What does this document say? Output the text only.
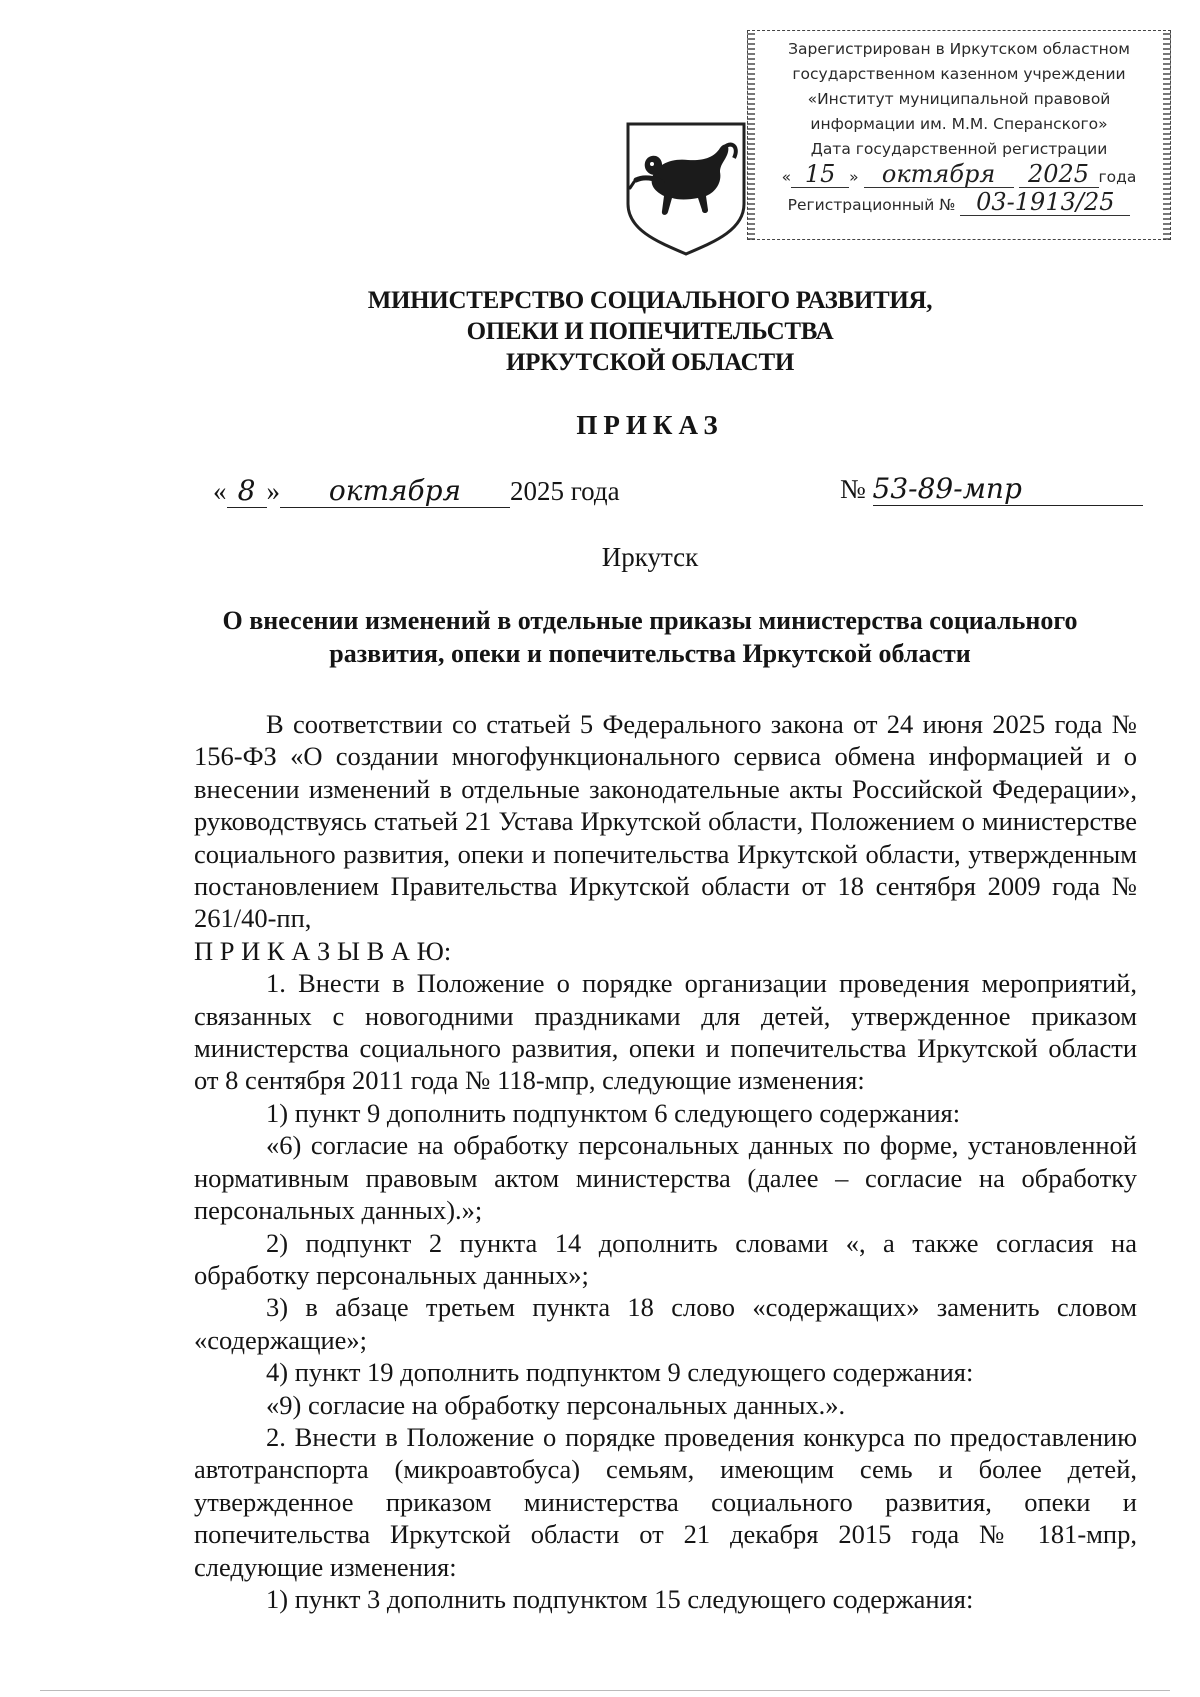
Зарегистрирован в Иркутском областном
государственном казенном учреждении
«Институт муниципальной правовой
информации им. М.М. Сперанского»
Дата государственной регистрации
« 15 » октября 2025 года
Регистрационный № 03-1913/25
МИНИСТЕРСТВО СОЦИАЛЬНОГО РАЗВИТИЯ,
ОПЕКИ И ПОПЕЧИТЕЛЬСТВА
ИРКУТСКОЙ ОБЛАСТИ
ПРИКАЗ
« 8 » октября 2025 года	№ 53-89-мпр
Иркутск
О внесении изменений в отдельные приказы министерства социального
развития, опеки и попечительства Иркутской области

В соответствии со статьей 5 Федерального закона от 24 июня 2025 года № 156-ФЗ «О создании многофункционального сервиса обмена информацией и о внесении изменений в отдельные законодательные акты Российской Федерации», руководствуясь статьей 21 Устава Иркутской области, Положением о министерстве социального развития, опеки и попечительства Иркутской области, утвержденным постановлением Правительства Иркутской области от 18 сентября 2009 года № 261/40-пп,

П Р И К А З Ы В А Ю:

1. Внести в Положение о порядке организации проведения мероприятий, связанных с новогодними праздниками для детей, утвержденное приказом министерства социального развития, опеки и попечительства Иркутской области от 8 сентября 2011 года № 118-мпр, следующие изменения:

1) пункт 9 дополнить подпунктом 6 следующего содержания:

«6) согласие на обработку персональных данных по форме, установленной нормативным правовым актом министерства (далее – согласие на обработку персональных данных).»;

2) подпункт 2 пункта 14 дополнить словами «, а также согласия на обработку персональных данных»;

3) в абзаце третьем пункта 18 слово «содержащих» заменить словом «содержащие»;

4) пункт 19 дополнить подпунктом 9 следующего содержания:

«9) согласие на обработку персональных данных.».

2. Внести в Положение о порядке проведения конкурса по предоставлению автотранспорта (микроавтобуса) семьям, имеющим семь и более детей, утвержденное приказом министерства социального развития, опеки и попечительства Иркутской области от 21 декабря 2015 года № 181-мпр, следующие изменения:

1) пункт 3 дополнить подпунктом 15 следующего содержания:
